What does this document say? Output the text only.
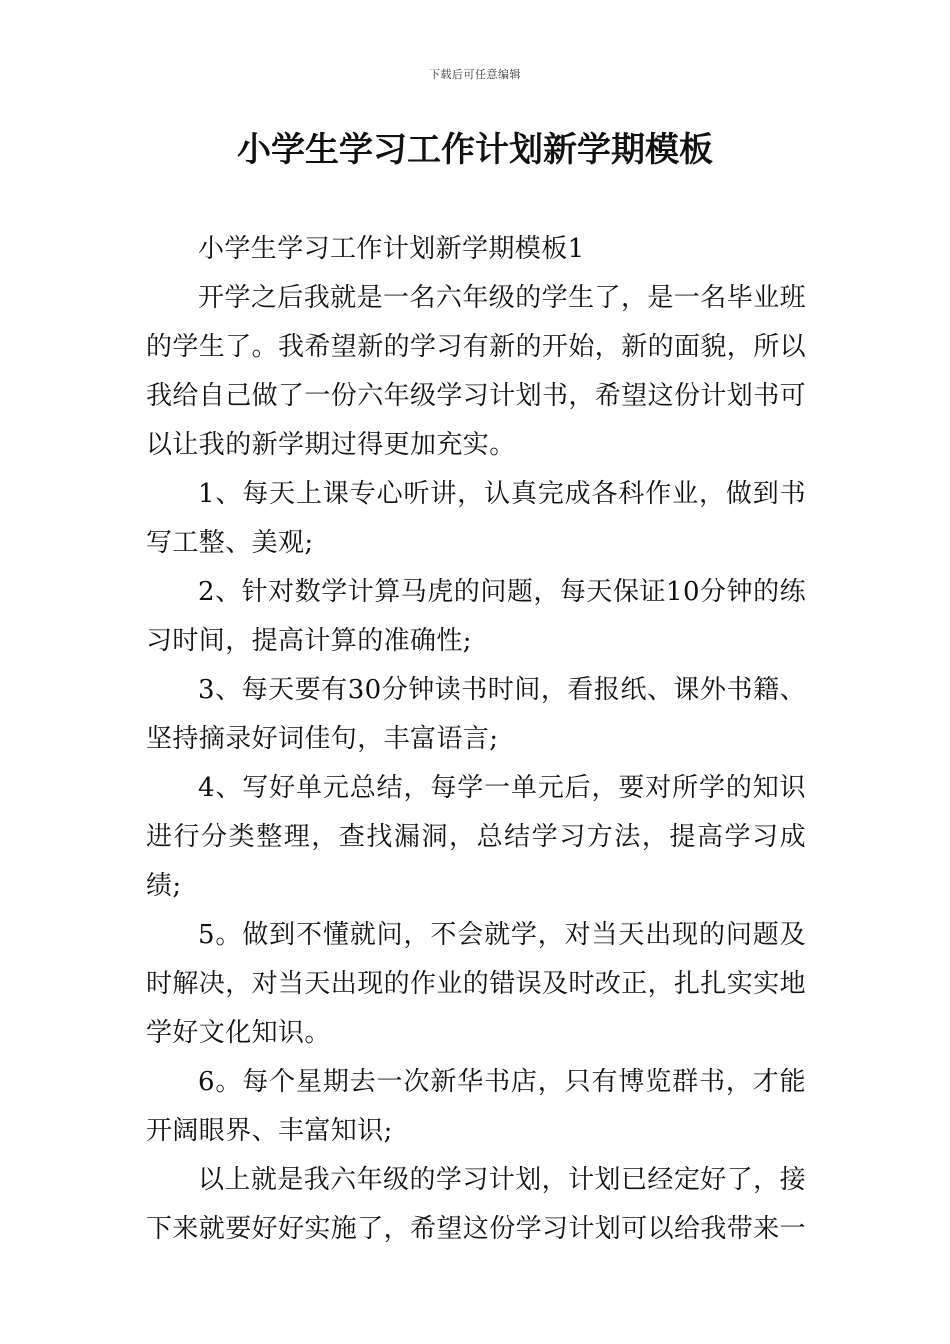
下载后可任意编辑
小学生学习工作计划新学期模板

小学生学习工作计划新学期模板1

开学之后我就是一名六年级的学生了，是一名毕业班的学生了。我希望新的学习有新的开始，新的面貌，所以我给自己做了一份六年级学习计划书，希望这份计划书可以让我的新学期过得更加充实。

1、每天上课专心听讲，认真完成各科作业，做到书写工整、美观;

2、针对数学计算马虎的问题，每天保证10分钟的练习时间，提高计算的准确性;

3、每天要有30分钟读书时间，看报纸、课外书籍、坚持摘录好词佳句，丰富语言;

4、写好单元总结，每学一单元后，要对所学的知识进行分类整理，查找漏洞，总结学习方法，提高学习成绩;

5。做到不懂就问，不会就学，对当天出现的问题及时解决，对当天出现的作业的错误及时改正，扎扎实实地学好文化知识。

6。每个星期去一次新华书店，只有博览群书，才能开阔眼界、丰富知识;

以上就是我六年级的学习计划，计划已经定好了，接下来就要好好实施了，希望这份学习计划可以给我带来一
